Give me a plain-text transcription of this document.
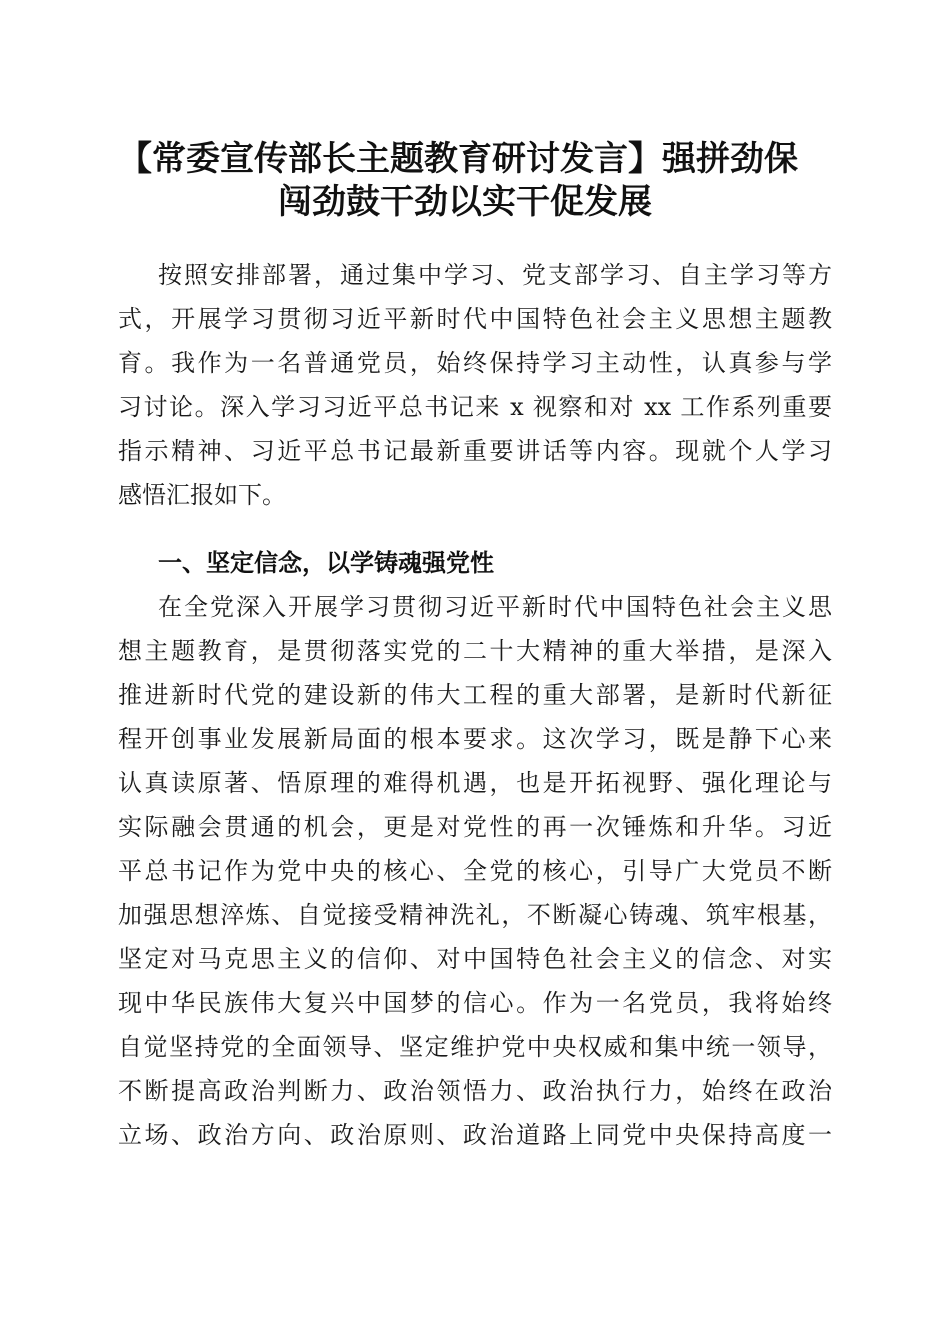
【常委宣传部长主题教育研讨发言】强拼劲保
闯劲鼓干劲以实干促发展
按照安排部署，通过集中学习、党支部学习、自主学习等方
式，开展学习贯彻习近平新时代中国特色社会主义思想主题教
育。我作为一名普通党员，始终保持学习主动性，认真参与学
习讨论。深入学习习近平总书记来 x 视察和对 xx 工作系列重要
指示精神、习近平总书记最新重要讲话等内容。现就个人学习
感悟汇报如下。
一、坚定信念，以学铸魂强党性
在全党深入开展学习贯彻习近平新时代中国特色社会主义思
想主题教育，是贯彻落实党的二十大精神的重大举措，是深入
推进新时代党的建设新的伟大工程的重大部署，是新时代新征
程开创事业发展新局面的根本要求。这次学习，既是静下心来
认真读原著、悟原理的难得机遇，也是开拓视野、强化理论与
实际融会贯通的机会，更是对党性的再一次锤炼和升华。习近
平总书记作为党中央的核心、全党的核心，引导广大党员不断
加强思想淬炼、自觉接受精神洗礼，不断凝心铸魂、筑牢根基，
坚定对马克思主义的信仰、对中国特色社会主义的信念、对实
现中华民族伟大复兴中国梦的信心。作为一名党员，我将始终
自觉坚持党的全面领导、坚定维护党中央权威和集中统一领导，
不断提高政治判断力、政治领悟力、政治执行力，始终在政治
立场、政治方向、政治原则、政治道路上同党中央保持高度一
